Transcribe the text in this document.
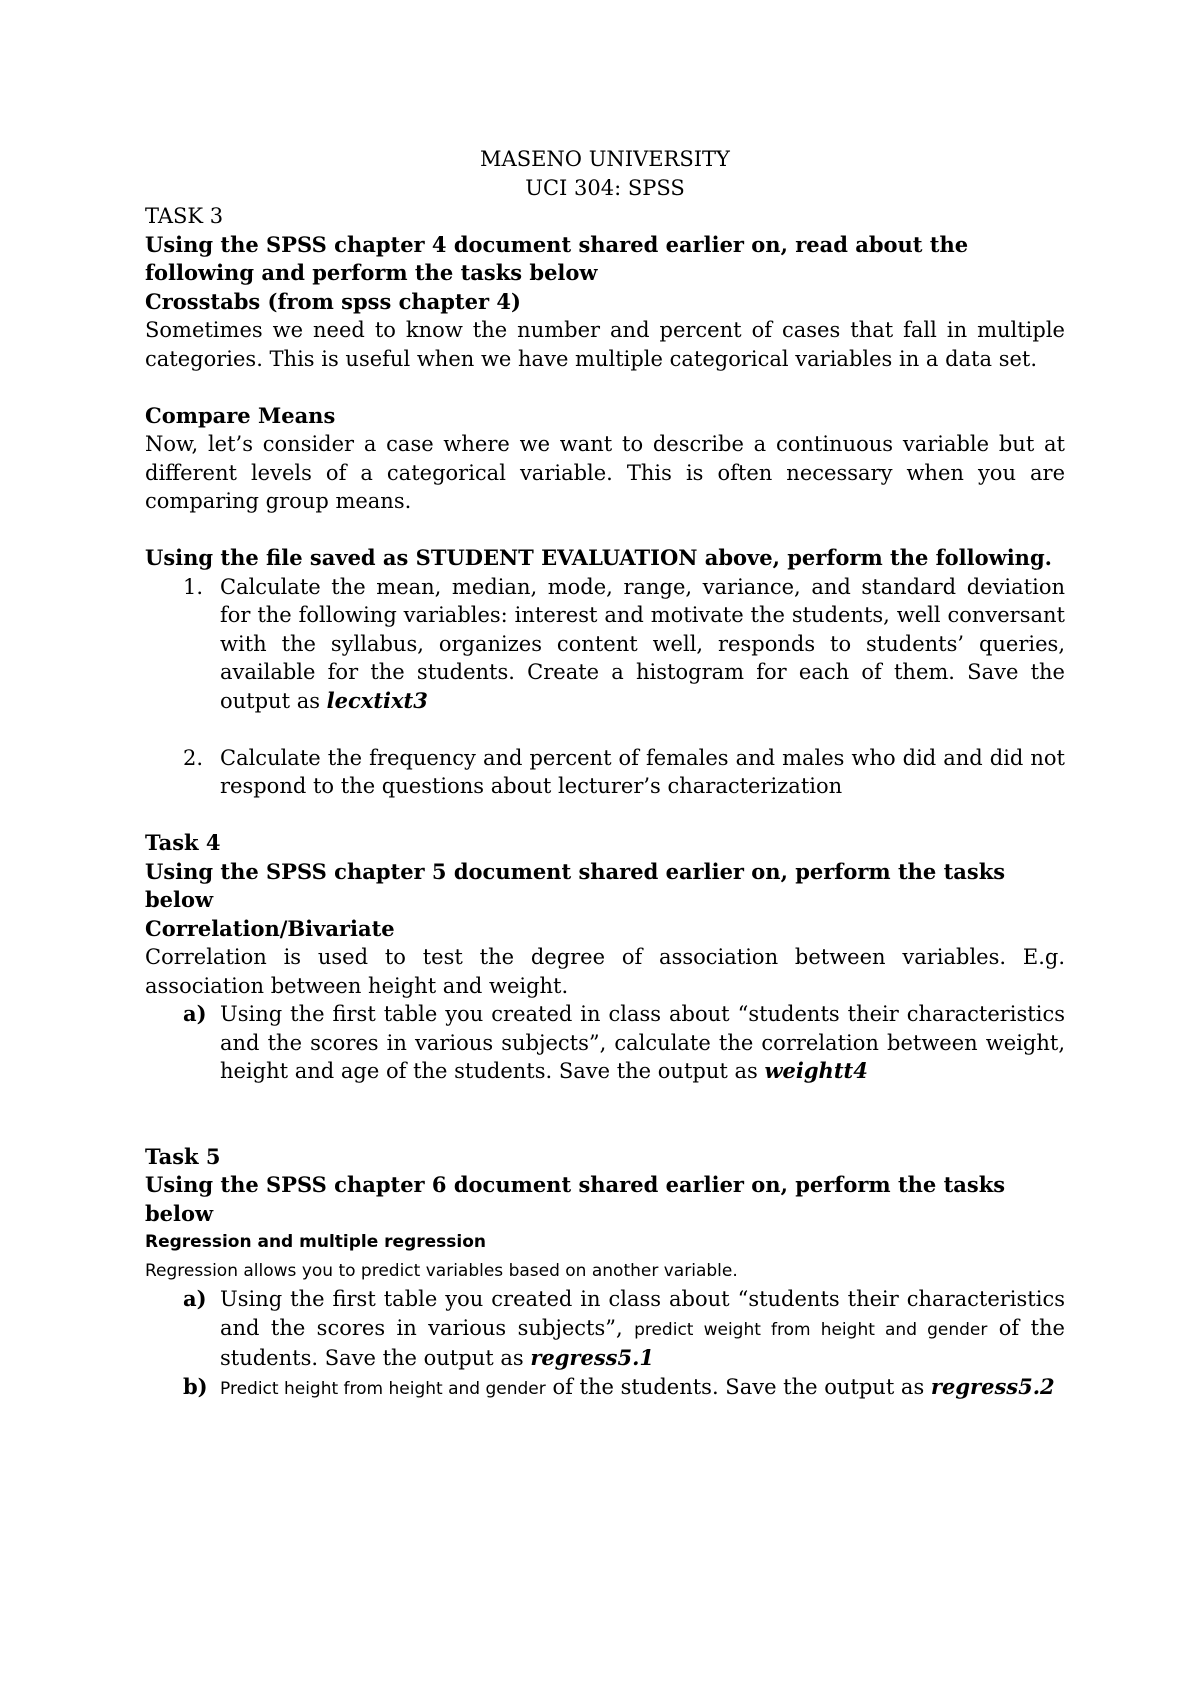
MASENO UNIVERSITY

UCI 304: SPSS

TASK 3

Using the SPSS chapter 4 document shared earlier on, read about the following and perform the tasks below

Crosstabs (from spss chapter 4)

Sometimes we need to know the number and percent of cases that fall in multiple categories. This is useful when we have multiple categorical variables in a data set.

Compare Means

Now, let’s consider a case where we want to describe a continuous variable but at different levels of a categorical variable. This is often necessary when you are comparing group means.

Using the file saved as STUDENT EVALUATION above, perform the following.

1. Calculate the mean, median, mode, range, variance, and standard deviation for the following variables: interest and motivate the students, well conversant with the syllabus, organizes content well, responds to students’ queries, available for the students. Create a histogram for each of them. Save the output as lecxtixt3
2. Calculate the frequency and percent of females and males who did and did not respond to the questions about lecturer’s characterization

Task 4

Using the SPSS chapter 5 document shared earlier on, perform the tasks below

Correlation/Bivariate

Correlation is used to test the degree of association between variables. E.g. association between height and weight.

a) Using the first table you created in class about “students their characteristics and the scores in various subjects”, calculate the correlation between weight, height and age of the students. Save the output as weightt4

Task 5

Using the SPSS chapter 6 document shared earlier on, perform the tasks below

Regression and multiple regression

Regression allows you to predict variables based on another variable.

a) Using the first table you created in class about “students their characteristics and the scores in various subjects”, predict weight from height and gender of the students. Save the output as regress5.1
b) Predict height from height and gender of the students. Save the output as regress5.2
